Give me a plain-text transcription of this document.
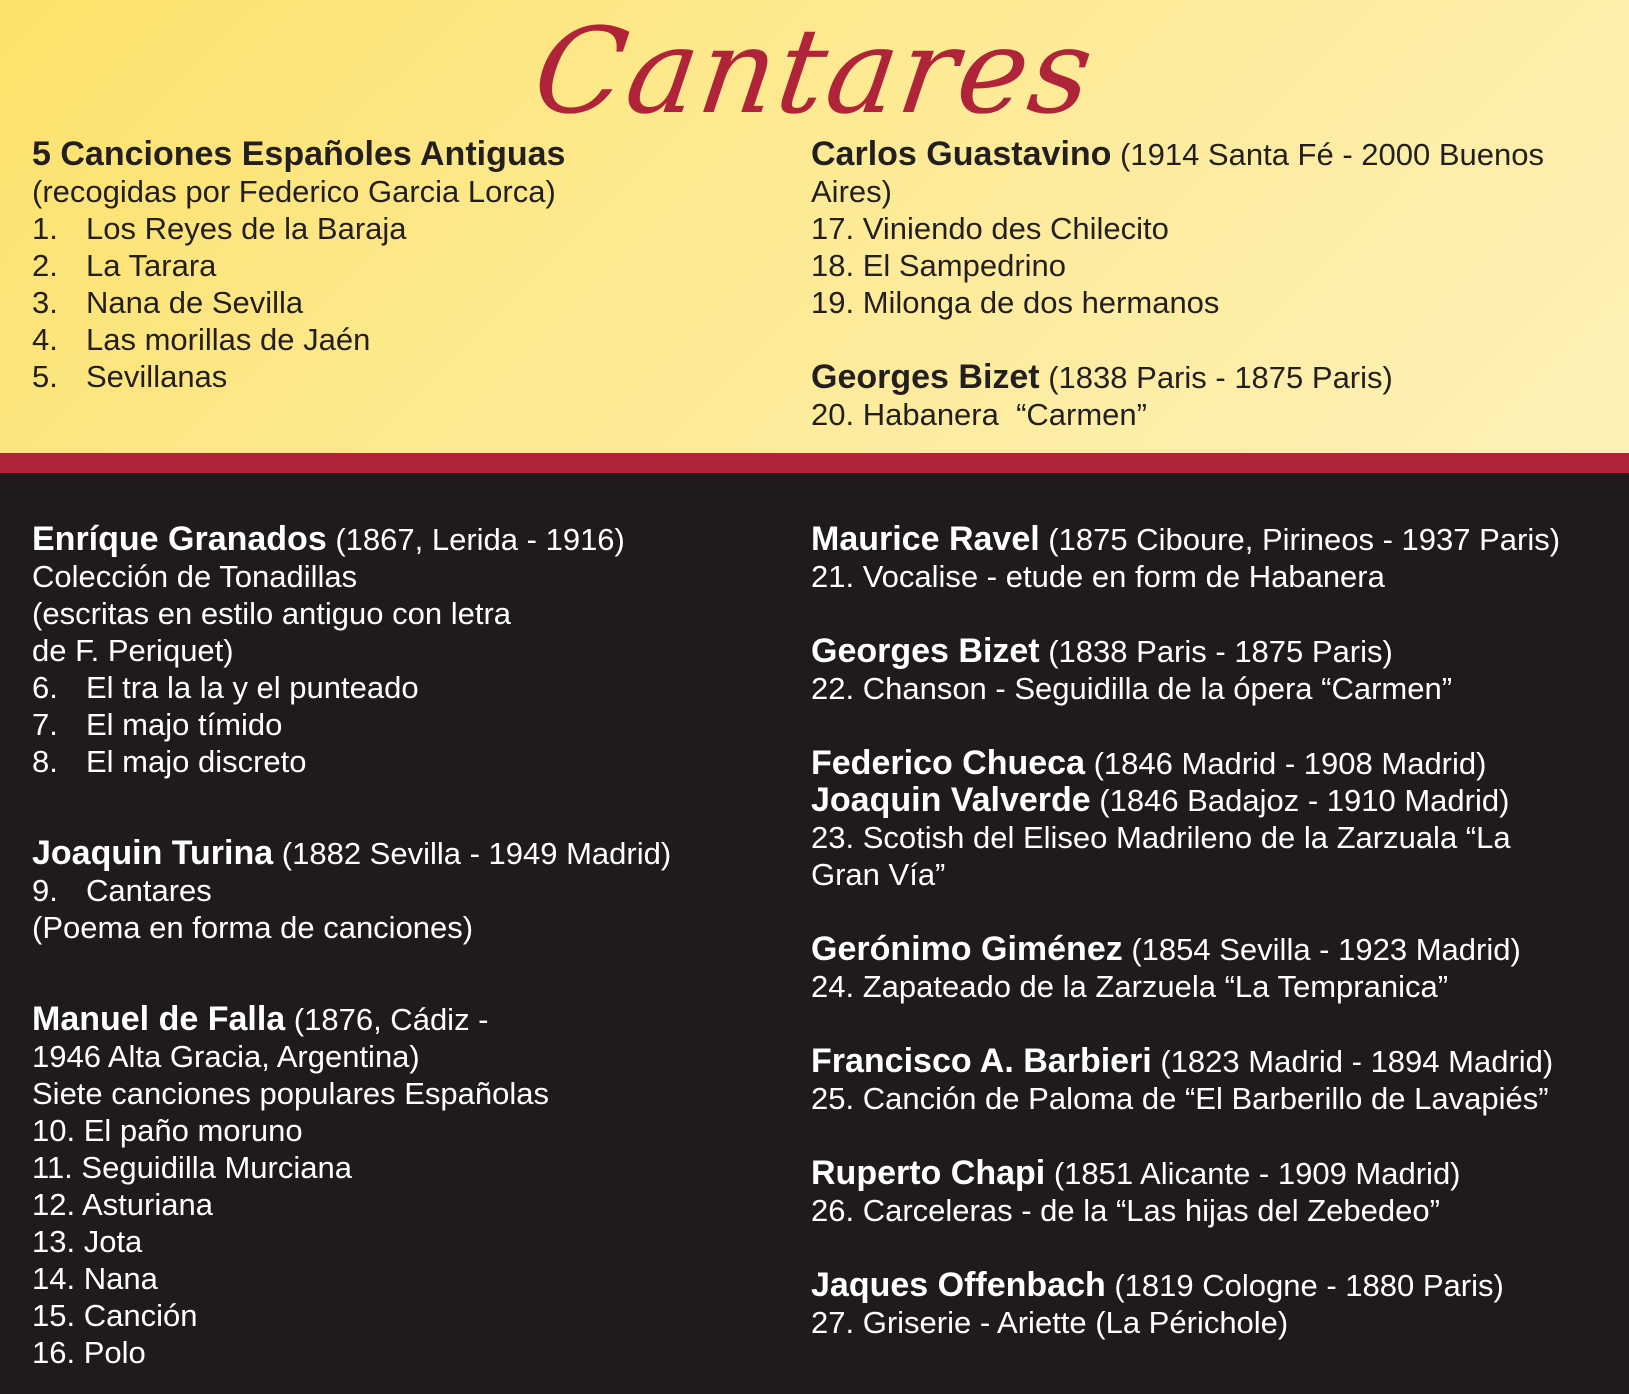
Cantares
5 Canciones Españoles Antiguas
(recogidas por Federico Garcia Lorca)
1. Los Reyes de la Baraja
2. La Tarara
3. Nana de Sevilla
4. Las morillas de Jaén
5. Sevillanas
Carlos Guastavino (1914 Santa Fé - 2000 Buenos Aires)
17. Viniendo des Chilecito
18. El Sampedrino
19. Milonga de dos hermanos
Georges Bizet (1838 Paris - 1875 Paris)
20. Habanera  “Carmen”
Enríque Granados (1867, Lerida - 1916)
Colección de Tonadillas
(escritas en estilo antiguo con letra
de F. Periquet)
6. El tra la la y el punteado
7. El majo tímido
8. El majo discreto
Joaquin Turina (1882 Sevilla - 1949 Madrid)
9. Cantares
(Poema en forma de canciones)
Manuel de Falla (1876, Cádiz -
1946 Alta Gracia, Argentina)
Siete canciones populares Españolas
10. El paño moruno
11. Seguidilla Murciana
12. Asturiana
13. Jota
14. Nana
15. Canción
16. Polo
Maurice Ravel (1875 Ciboure, Pirineos - 1937 Paris)
21. Vocalise - etude en form de Habanera
Georges Bizet (1838 Paris - 1875 Paris)
22. Chanson - Seguidilla de la ópera “Carmen”
Federico Chueca (1846 Madrid - 1908 Madrid)
Joaquin Valverde (1846 Badajoz - 1910 Madrid)
23. Scotish del Eliseo Madrileno de la Zarzuala “La Gran Vía”
Gerónimo Giménez (1854 Sevilla - 1923 Madrid)
24. Zapateado de la Zarzuela “La Tempranica”
Francisco A. Barbieri (1823 Madrid - 1894 Madrid)
25. Canción de Paloma de “El Barberillo de Lavapiés”
Ruperto Chapi (1851 Alicante - 1909 Madrid)
26. Carceleras - de la “Las hijas del Zebedeo”
Jaques Offenbach (1819 Cologne - 1880 Paris)
27. Griserie - Ariette (La Périchole)
